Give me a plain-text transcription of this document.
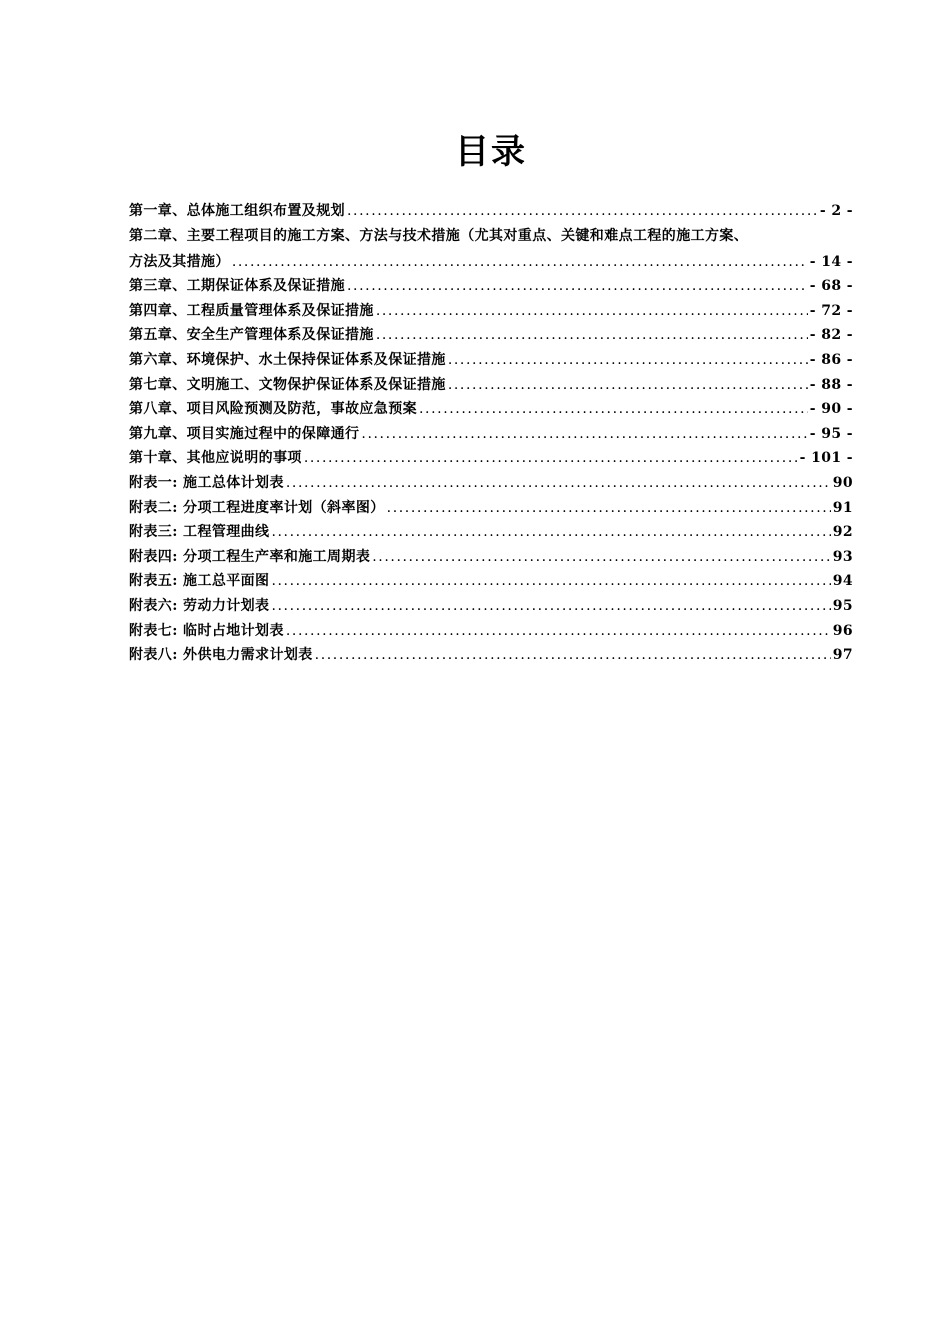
目录
第一章、总体施工组织布置及规划 .....	- 2 -
第二章、主要工程项目的施工方案、方法与技术措施（尤其对重点、关键和难点工程的施工方案、
方法及其措施） .....	- 14 -
第三章、工期保证体系及保证措施 .....	- 68 -
第四章、工程质量管理体系及保证措施 .....	- 72 -
第五章、安全生产管理体系及保证措施 .....	- 82 -
第六章、环境保护、水土保持保证体系及保证措施 .....	- 86 -
第七章、文明施工、文物保护保证体系及保证措施 .....	- 88 -
第八章、项目风险预测及防范，事故应急预案 .....	- 90 -
第九章、项目实施过程中的保障通行 .....	- 95 -
第十章、其他应说明的事项 .....	- 101 -
附表一: 施工总体计划表 .....	90
附表二: 分项工程进度率计划（斜率图） .....	91
附表三: 工程管理曲线 .....	92
附表四: 分项工程生产率和施工周期表 .....	93
附表五: 施工总平面图 .....	94
附表六: 劳动力计划表 .....	95
附表七: 临时占地计划表 .....	96
附表八: 外供电力需求计划表 .....	97
